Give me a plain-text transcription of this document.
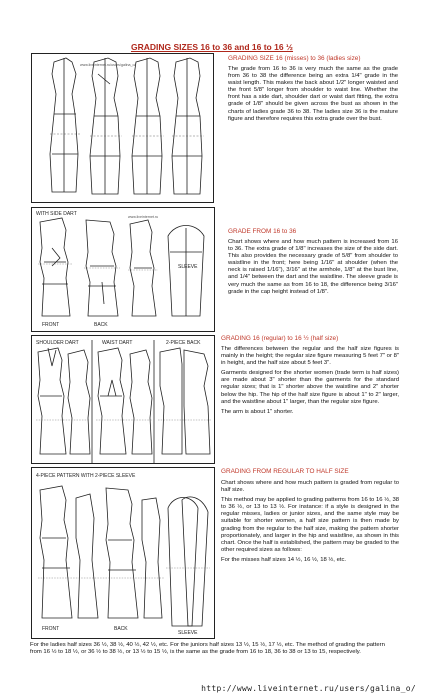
GRADING SIZES 16 to 36 and 16 to 16 ½
www.liveinternet.ru/users/galina_o/
GRADING SIZE 16 (misses) to 36 (ladies size)

The grade from 16 to 36 is very much the same as the grade from 36 to 38 the difference being an extra 1/4" grade in the waist length. This makes the back about 1/2" longer waisted and the front 5/8" longer from shoulder to waist line. Whether the front has a side dart, shoulder dart or waist dart fitting, the extra grade of 1/8" should be given across the bust as shown in the charts of ladies grade 36 to 38. The ladies size 36 is the mature figure and therefore requires this extra grade over the bust.

WITH SIDE DART
FRONT	BACK
SLEEVE
www.liveinternet.ru
GRADE FROM 16 to 36

Chart shows where and how much pattern is increased from 16 to 36. The extra grade of 1/8" increases the size of the side dart. This also provides the necessary grade of 5/8" from shoulder to waistline in the front; here being 1/16" at shoulder (when the neck is raised 1/16"), 3/16" at the armhole, 1/8" at the bust line, and 1/4" between the dart and the waistline. The sleeve grade is very much the same as from 16 to 18, the difference being 3/16" grade in the cap height instead of 1/8".

SHOULDER DART	WAIST DART	2-PIECE BACK
GRADING 16 (regular) to 16 ½ (half size)

The differences between the regular and the half size figures is mainly in the height; the regular size figure measuring 5 feet 7" or 8" in height, and the half size about 5 feet 3".

Garments designed for the shorter women (trade term is half sizes) are made about 3" shorter than the garments for the standard regular sizes; that is 1" shorter above the waistline and 2" shorter below the hip. The hip of the half size figure is about 1" to 2" larger, and the waistline about 1" larger, than the regular size figure.

The arm is about 1" shorter.

4-PIECE PATTERN WITH 2-PIECE SLEEVE
FRONT	BACK
SLEEVE
GRADING FROM REGULAR TO HALF SIZE

Chart shows where and how much pattern is graded from regular to half size.

This method may be applied to grading patterns from 16 to 16 ½, 38 to 36 ½, or 13 to 13 ½. For instance: if a style is designed in the regular misses, ladies or junior sizes, and the same style may be suitable for shorter women, a half size pattern is then made by grading from the regular to the half size, making the pattern shorter proportionately, and larger in the hip and waistline, as shown in this chart. Once the half is established, the pattern may be graded to the other required sizes as follows:

For the misses half sizes 14 ½, 16 ½, 18 ½, etc.

For the ladies half sizes 36 ½, 38 ½, 40 ½, 42 ½, etc. For the juniors half sizes 13 ½, 15 ½, 17 ½, etc. The method of grading the pattern from 16 ½ to 18 ½, or 36 ½ to 38 ½, or 13 ½ to 15 ½, is the same as the grade from 16 to 18, 36 to 38 or 13 to 15, respectively.
http://www.liveinternet.ru/users/galina_o/
